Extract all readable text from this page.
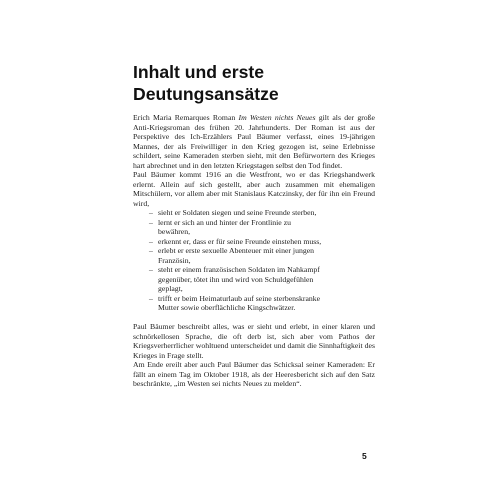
Inhalt und erste
Deutungsansätze

Erich Maria Remarques Roman Im Westen nichts Neues gilt als der große Anti-Kriegsroman des frühen 20. Jahrhunderts. Der Roman ist aus der Perspektive des Ich-Erzählers Paul Bäumer verfasst, eines 19-jährigen Mannes, der als Freiwilliger in den Krieg gezogen ist, seine Erlebnisse schildert, seine Kameraden sterben sieht, mit den Befürwortern des Krieges hart abrechnet und in den letzten Kriegstagen selbst den Tod findet.

Paul Bäumer kommt 1916 an die Westfront, wo er das Kriegshandwerk erlernt. Allein auf sich gestellt, aber auch zusammen mit ehemaligen Mitschülern, vor allem aber mit Stanislaus Katczinsky, der für ihn ein Freund wird,

– sieht er Soldaten siegen und seine Freunde sterben,
– lernt er sich an und hinter der Frontlinie zu bewähren,
– erkennt er, dass er für seine Freunde einstehen muss,
– erlebt er erste sexuelle Abenteuer mit einer jungen Französin,
– steht er einem französischen Soldaten im Nahkampf gegenüber, tötet ihn und wird von Schuldgefühlen geplagt,
– trifft er beim Heimaturlaub auf seine sterbenskranke Mutter sowie oberflächliche Kingschwätzer.

Paul Bäumer beschreibt alles, was er sieht und erlebt, in einer klaren und schnörkellosen Sprache, die oft derb ist, sich aber vom Pathos der Kriegsverherrlicher wohltuend unterscheidet und damit die Sinnhaftigkeit des Krieges in Frage stellt.

Am Ende ereilt aber auch Paul Bäumer das Schicksal seiner Kameraden: Er fällt an einem Tag im Oktober 1918, als der Heeresbericht sich auf den Satz beschränkte, „im Westen sei nichts Neues zu melden“.

5
